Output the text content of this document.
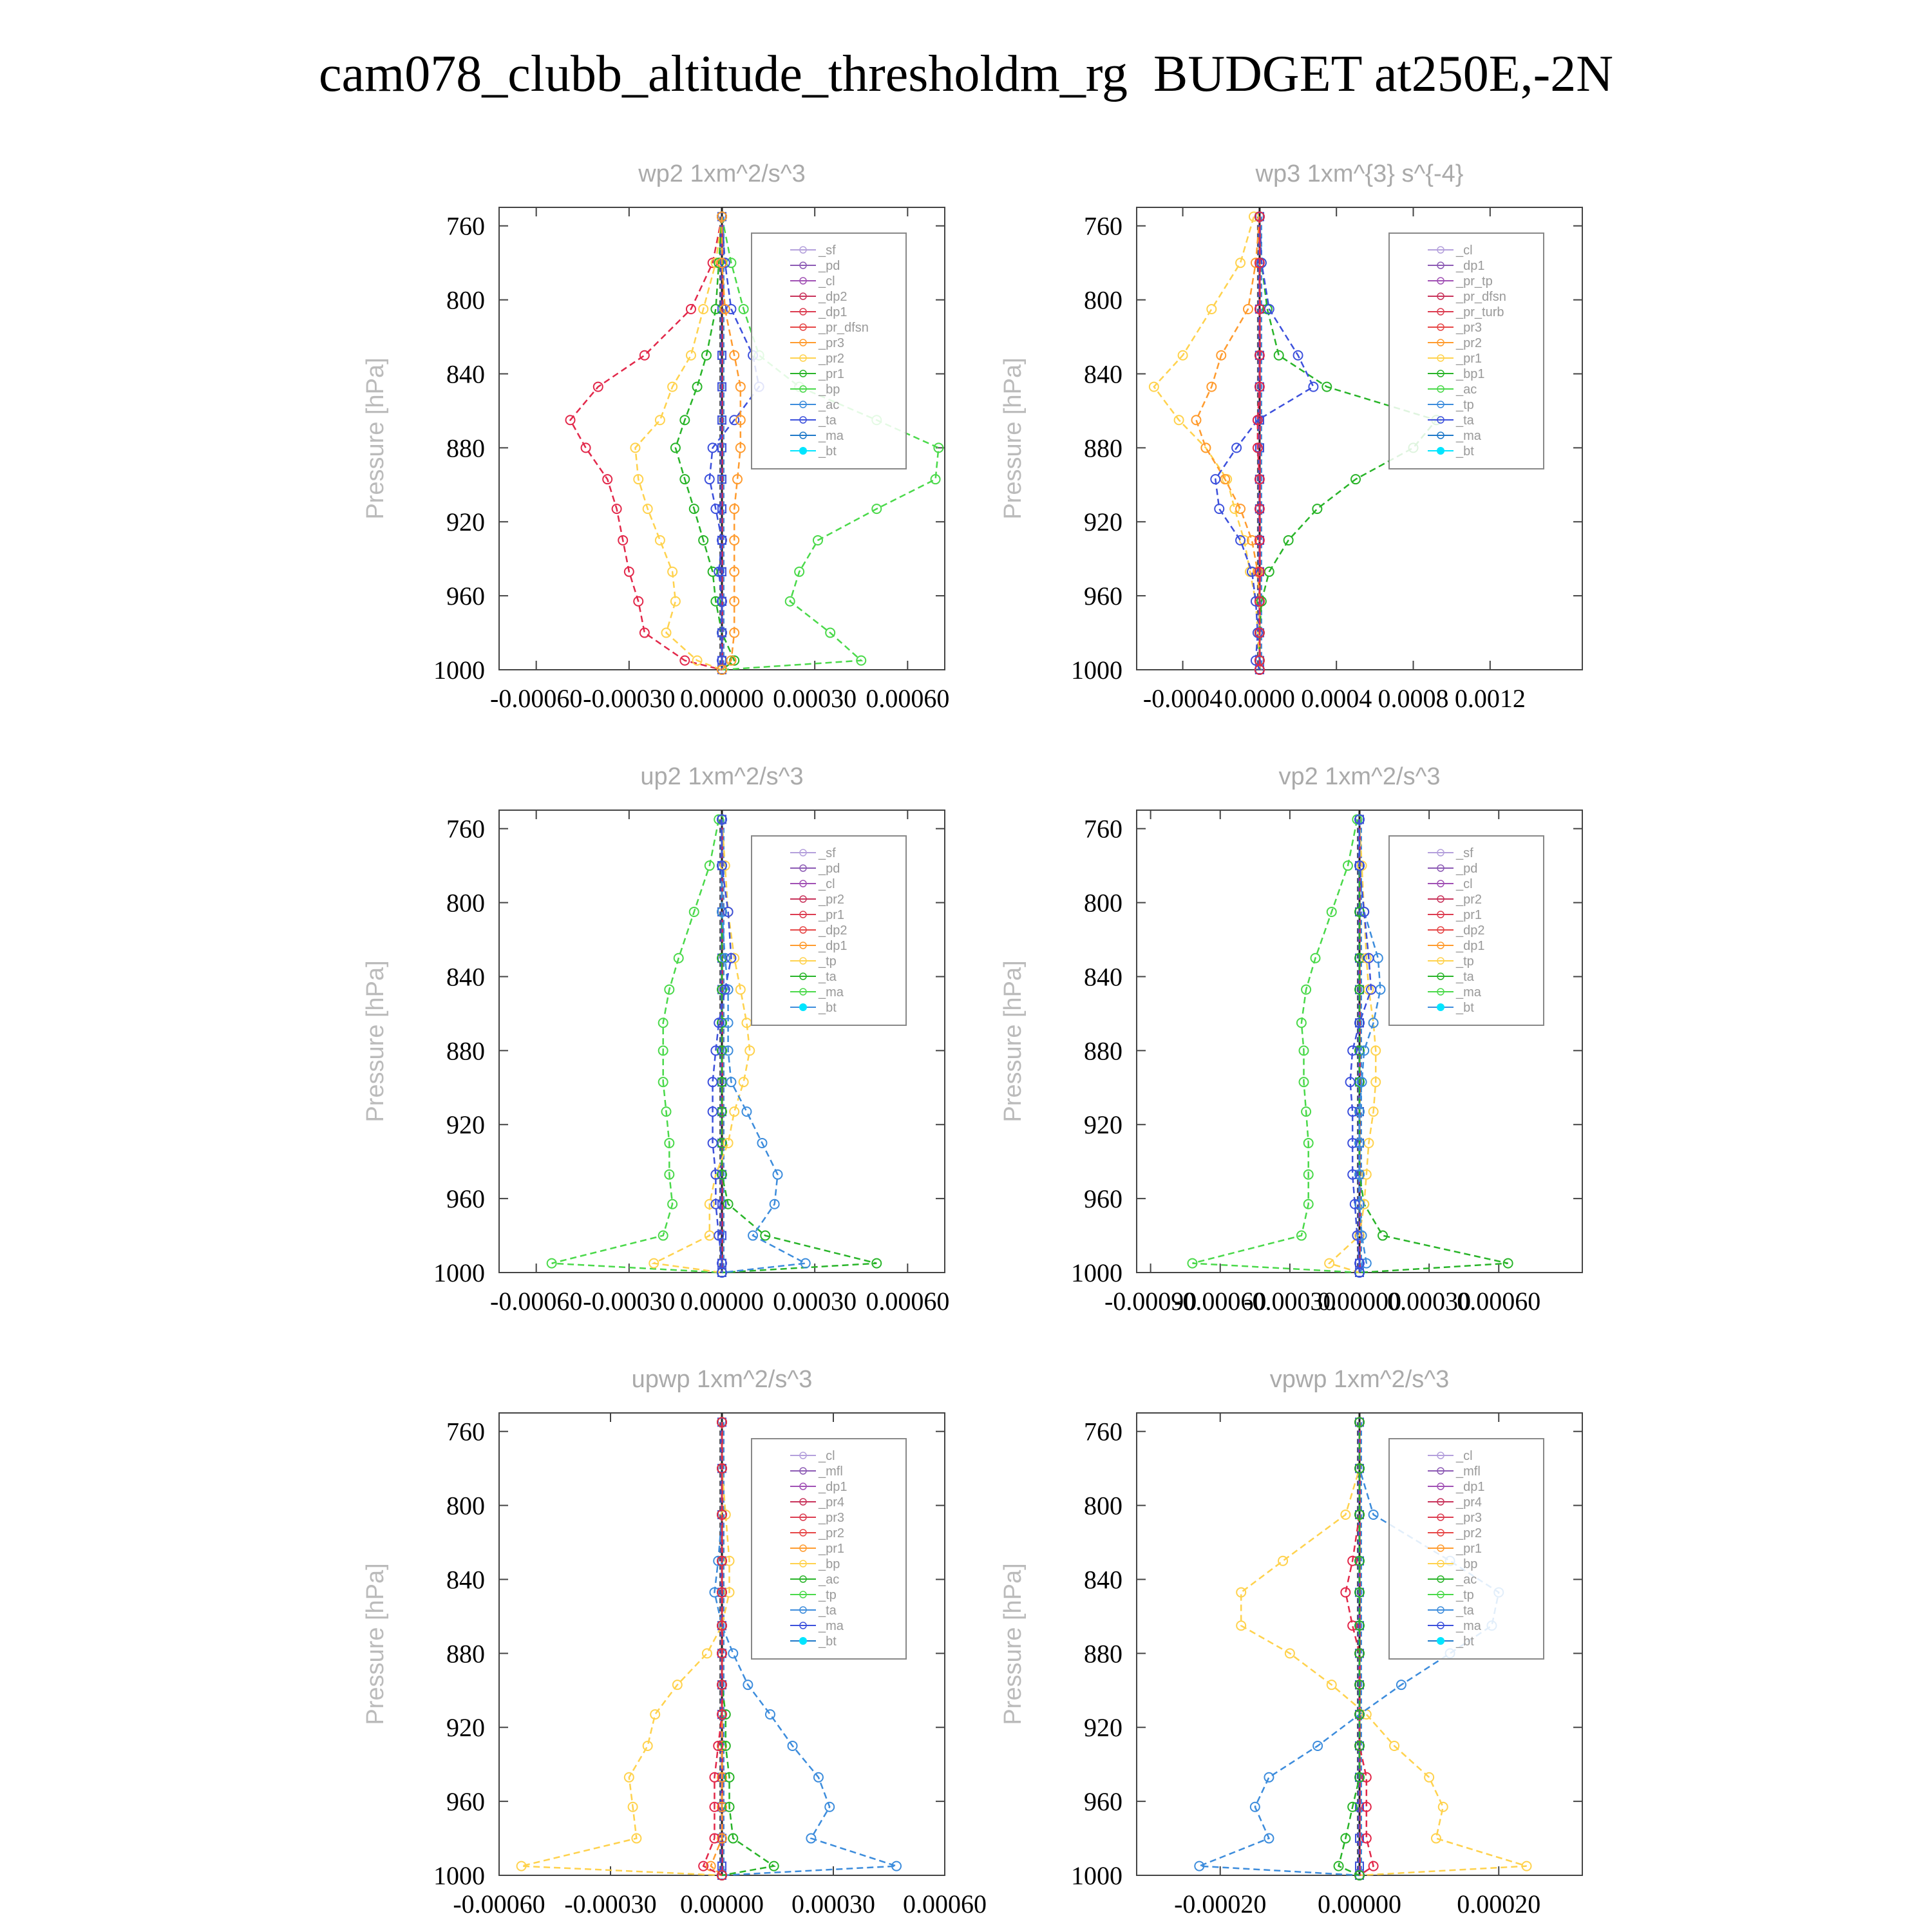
cam078_clubb_altitude_thresholdm_rg  BUDGET at250E,-2N
wp2 1xm^2/s^3
Pressure [hPa]
760
800
840
880
920
960
1000
-0.00060 -0.00030 0.00000 0.00030 0.00060
_sf
_pd
_cl
_dp2
_dp1
_pr_dfsn
_pr3
_pr2
_pr1
_bp
_ac
_ta
_ma
_bt
wp3 1xm^{3} s^{-4}
Pressure [hPa]
760
800
840
880
920
960
1000
-0.0004 0.0000 0.0004 0.0008 0.0012
_cl
_dp1
_pr_tp
_pr_dfsn
_pr_turb
_pr3
_pr2
_pr1
_bp1
_ac
_tp
_ta
_ma
_bt
up2 1xm^2/s^3
Pressure [hPa]
760
800
840
880
920
960
1000
-0.00060 -0.00030 0.00000 0.00030 0.00060
_sf
_pd
_cl
_pr2
_pr1
_dp2
_dp1
_tp
_ta
_ma
_bt
vp2 1xm^2/s^3
Pressure [hPa]
760
800
840
880
920
960
1000
-0.00090
-0.00060
-0.00030
0.00000
0.00030
0.00060
_sf
_pd
_cl
_pr2
_pr1
_dp2
_dp1
_tp
_ta
_ma
_bt
upwp 1xm^2/s^3
Pressure [hPa]
760
800
840
880
920
960
1000
-0.00060 -0.00030 0.00000 0.00030 0.00060
_cl
_mfl
_dp1
_pr4
_pr3
_pr2
_pr1
_bp
_ac
_tp
_ta
_ma
_bt
vpwp 1xm^2/s^3
Pressure [hPa]
760
800
840
880
920
960
1000
-0.00020 0.00000 0.00020
_cl
_mfl
_dp1
_pr4
_pr3
_pr2
_pr1
_bp
_ac
_tp
_ta
_ma
_bt
